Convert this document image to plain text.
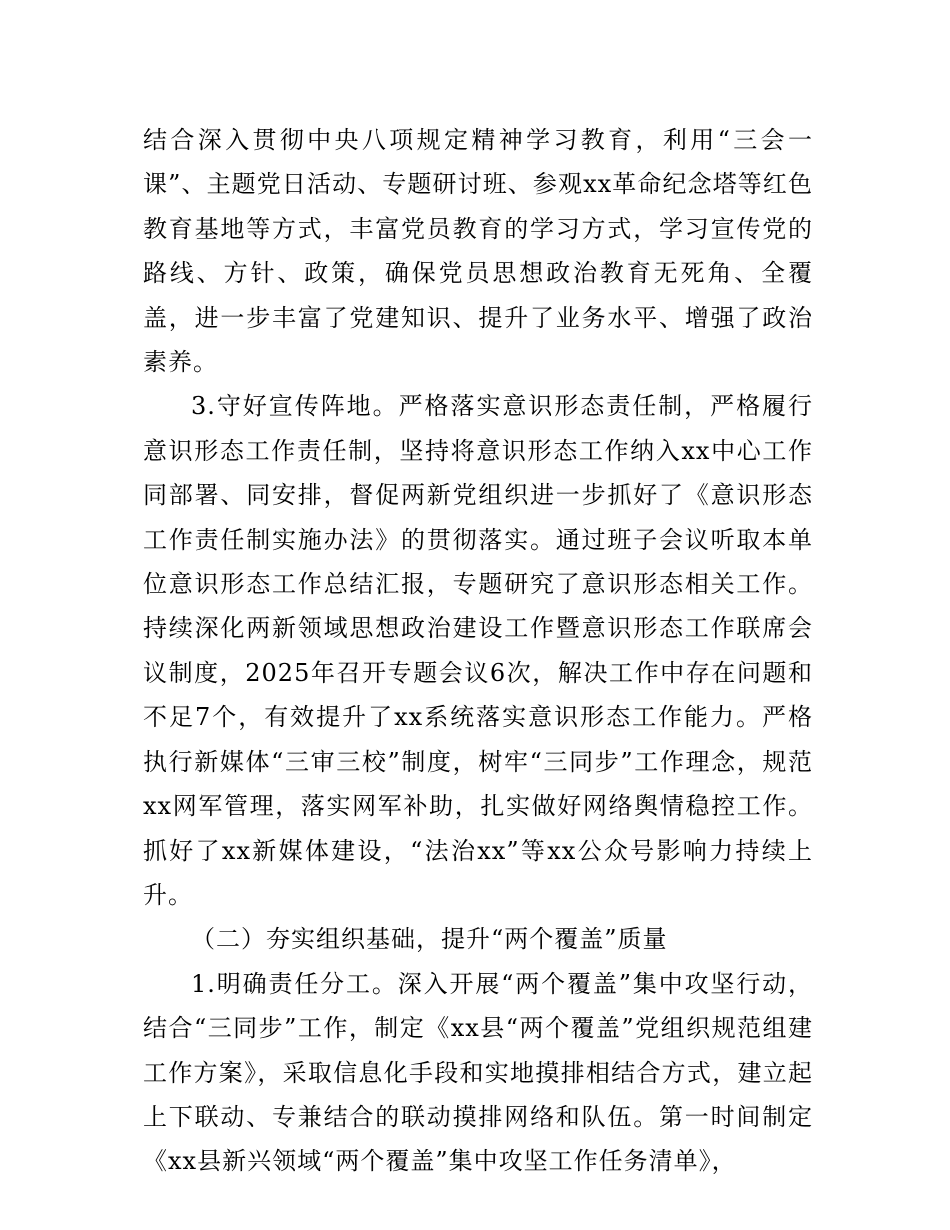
结合深入贯彻中央八项规定精神学习教育，利用“三会一课”、主题党日活动、专题研讨班、参观xx革命纪念塔等红色教育基地等方式，丰富党员教育的学习方式，学习宣传党的路线、方针、政策，确保党员思想政治教育无死角、全覆盖，进一步丰富了党建知识、提升了业务水平、增强了政治素养。

3.守好宣传阵地。严格落实意识形态责任制，严格履行意识形态工作责任制，坚持将意识形态工作纳入xx中心工作同部署、同安排，督促两新党组织进一步抓好了《意识形态工作责任制实施办法》的贯彻落实。通过班子会议听取本单位意识形态工作总结汇报，专题研究了意识形态相关工作。持续深化两新领域思想政治建设工作暨意识形态工作联席会议制度，2025年召开专题会议6次，解决工作中存在问题和不足7个，有效提升了xx系统落实意识形态工作能力。严格执行新媒体“三审三校”制度，树牢“三同步”工作理念，规范xx网军管理，落实网军补助，扎实做好网络舆情稳控工作。抓好了xx新媒体建设，“法治xx”等xx公众号影响力持续上升。

（二）夯实组织基础，提升“两个覆盖”质量

1.明确责任分工。深入开展“两个覆盖”集中攻坚行动，结合“三同步”工作，制定《xx县“两个覆盖”党组织规范组建工作方案》，采取信息化手段和实地摸排相结合方式，建立起上下联动、专兼结合的联动摸排网络和队伍。第一时间制定《xx县新兴领域“两个覆盖”集中攻坚工作任务清单》，
